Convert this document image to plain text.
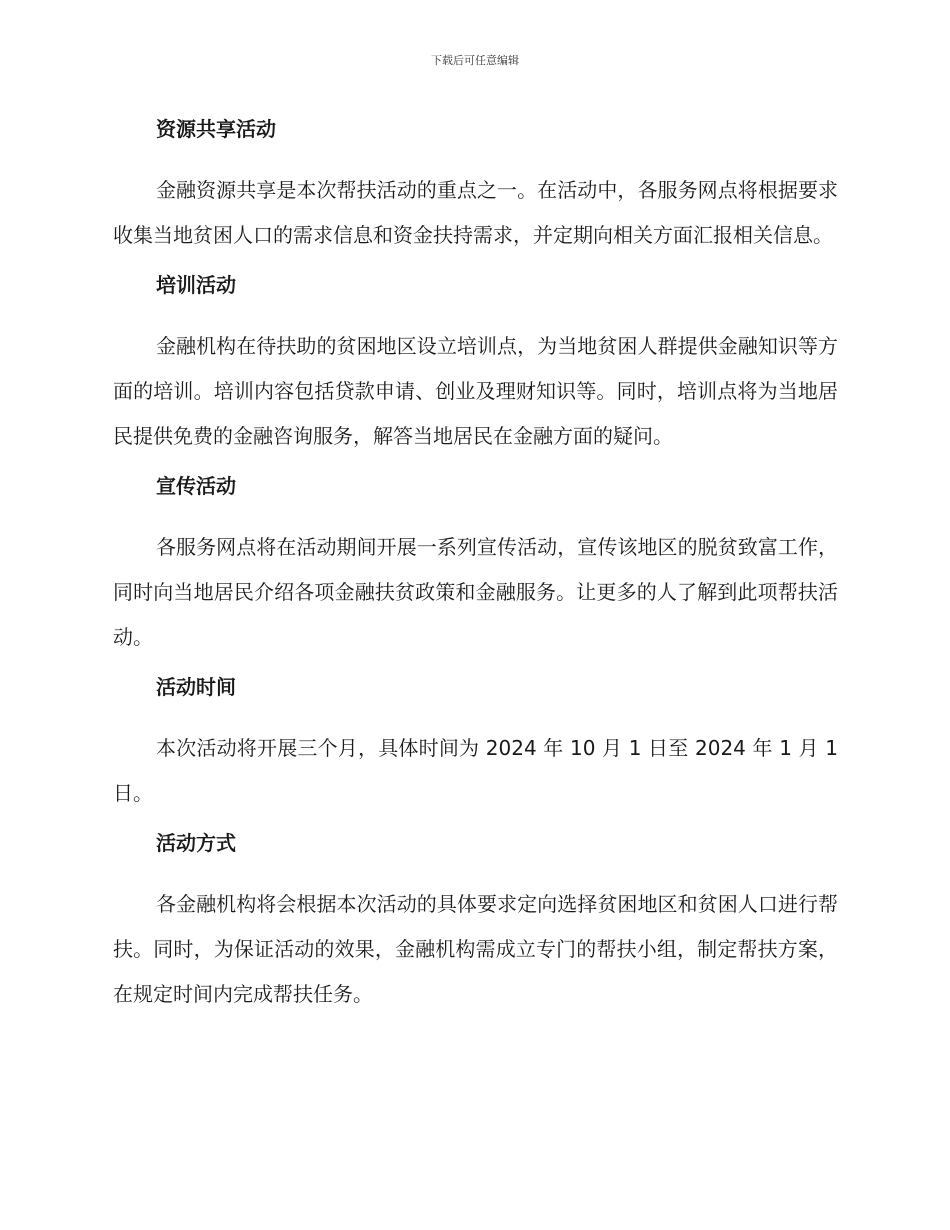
下载后可任意编辑
资源共享活动

金融资源共享是本次帮扶活动的重点之一。在活动中，各服务网点将根据要求收集当地贫困人口的需求信息和资金扶持需求，并定期向相关方面汇报相关信息。

培训活动

金融机构在待扶助的贫困地区设立培训点，为当地贫困人群提供金融知识等方面的培训。培训内容包括贷款申请、创业及理财知识等。同时，培训点将为当地居民提供免费的金融咨询服务，解答当地居民在金融方面的疑问。

宣传活动

各服务网点将在活动期间开展一系列宣传活动，宣传该地区的脱贫致富工作，同时向当地居民介绍各项金融扶贫政策和金融服务。让更多的人了解到此项帮扶活动。

活动时间

本次活动将开展三个月，具体时间为 2024 年 10 月 1 日至 2024 年 1 月 1 日。

活动方式

各金融机构将会根据本次活动的具体要求定向选择贫困地区和贫困人口进行帮扶。同时，为保证活动的效果，金融机构需成立专门的帮扶小组，制定帮扶方案，在规定时间内完成帮扶任务。
